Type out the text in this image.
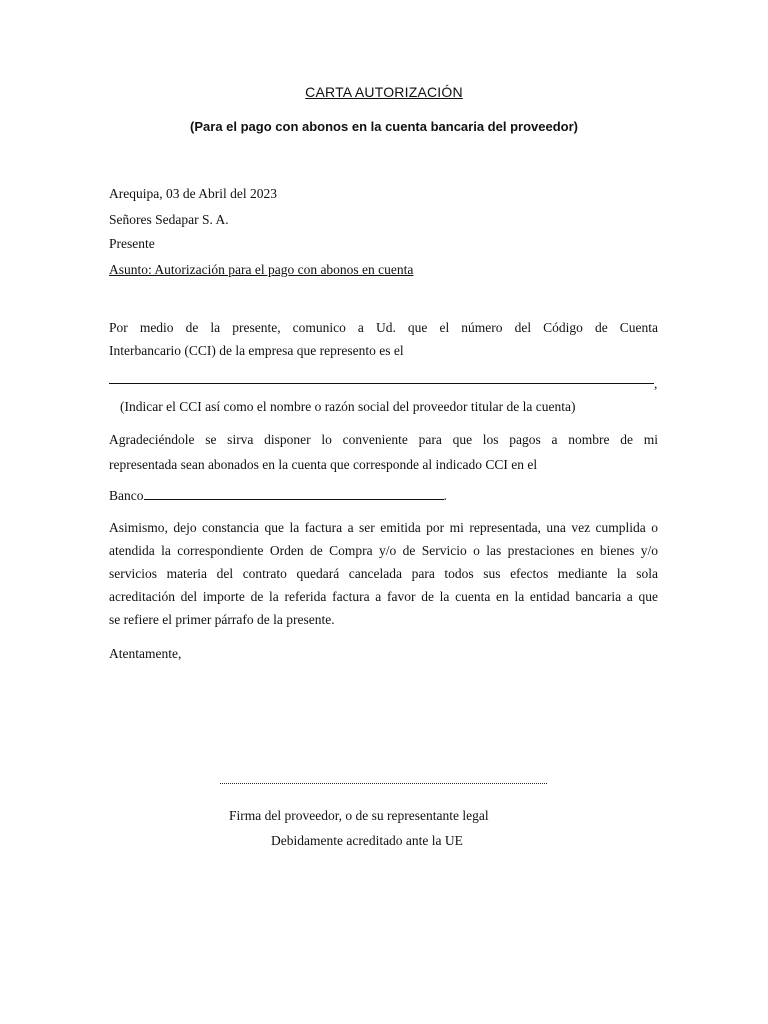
CARTA AUTORIZACIÓN
(Para el pago con abonos en la cuenta bancaria del proveedor)
Arequipa, 03 de Abril del 2023
Señores Sedapar S. A.
Presente
Asunto: Autorización para el pago con abonos en cuenta
Por medio de la presente, comunico a Ud. que el número del Código de Cuenta
Interbancario (CCI) de la empresa que represento es el
,
(Indicar el CCI así como el nombre o razón social del proveedor titular de la cuenta)
Agradeciéndole se sirva disponer lo conveniente para que los pagos a nombre de mi
representada sean abonados en la cuenta que corresponde al indicado CCI en el
Banco	.
Asimismo, dejo constancia que la factura a ser emitida por mi representada, una vez cumplida o
atendida la correspondiente Orden de Compra y/o de Servicio o las prestaciones en bienes y/o
servicios materia del contrato quedará cancelada para todos sus efectos mediante la sola
acreditación del importe de la referida factura a favor de la cuenta en la entidad bancaria a que
se refiere el primer párrafo de la presente.
Atentamente,
Firma del proveedor, o de su representante legal
Debidamente acreditado ante la UE
